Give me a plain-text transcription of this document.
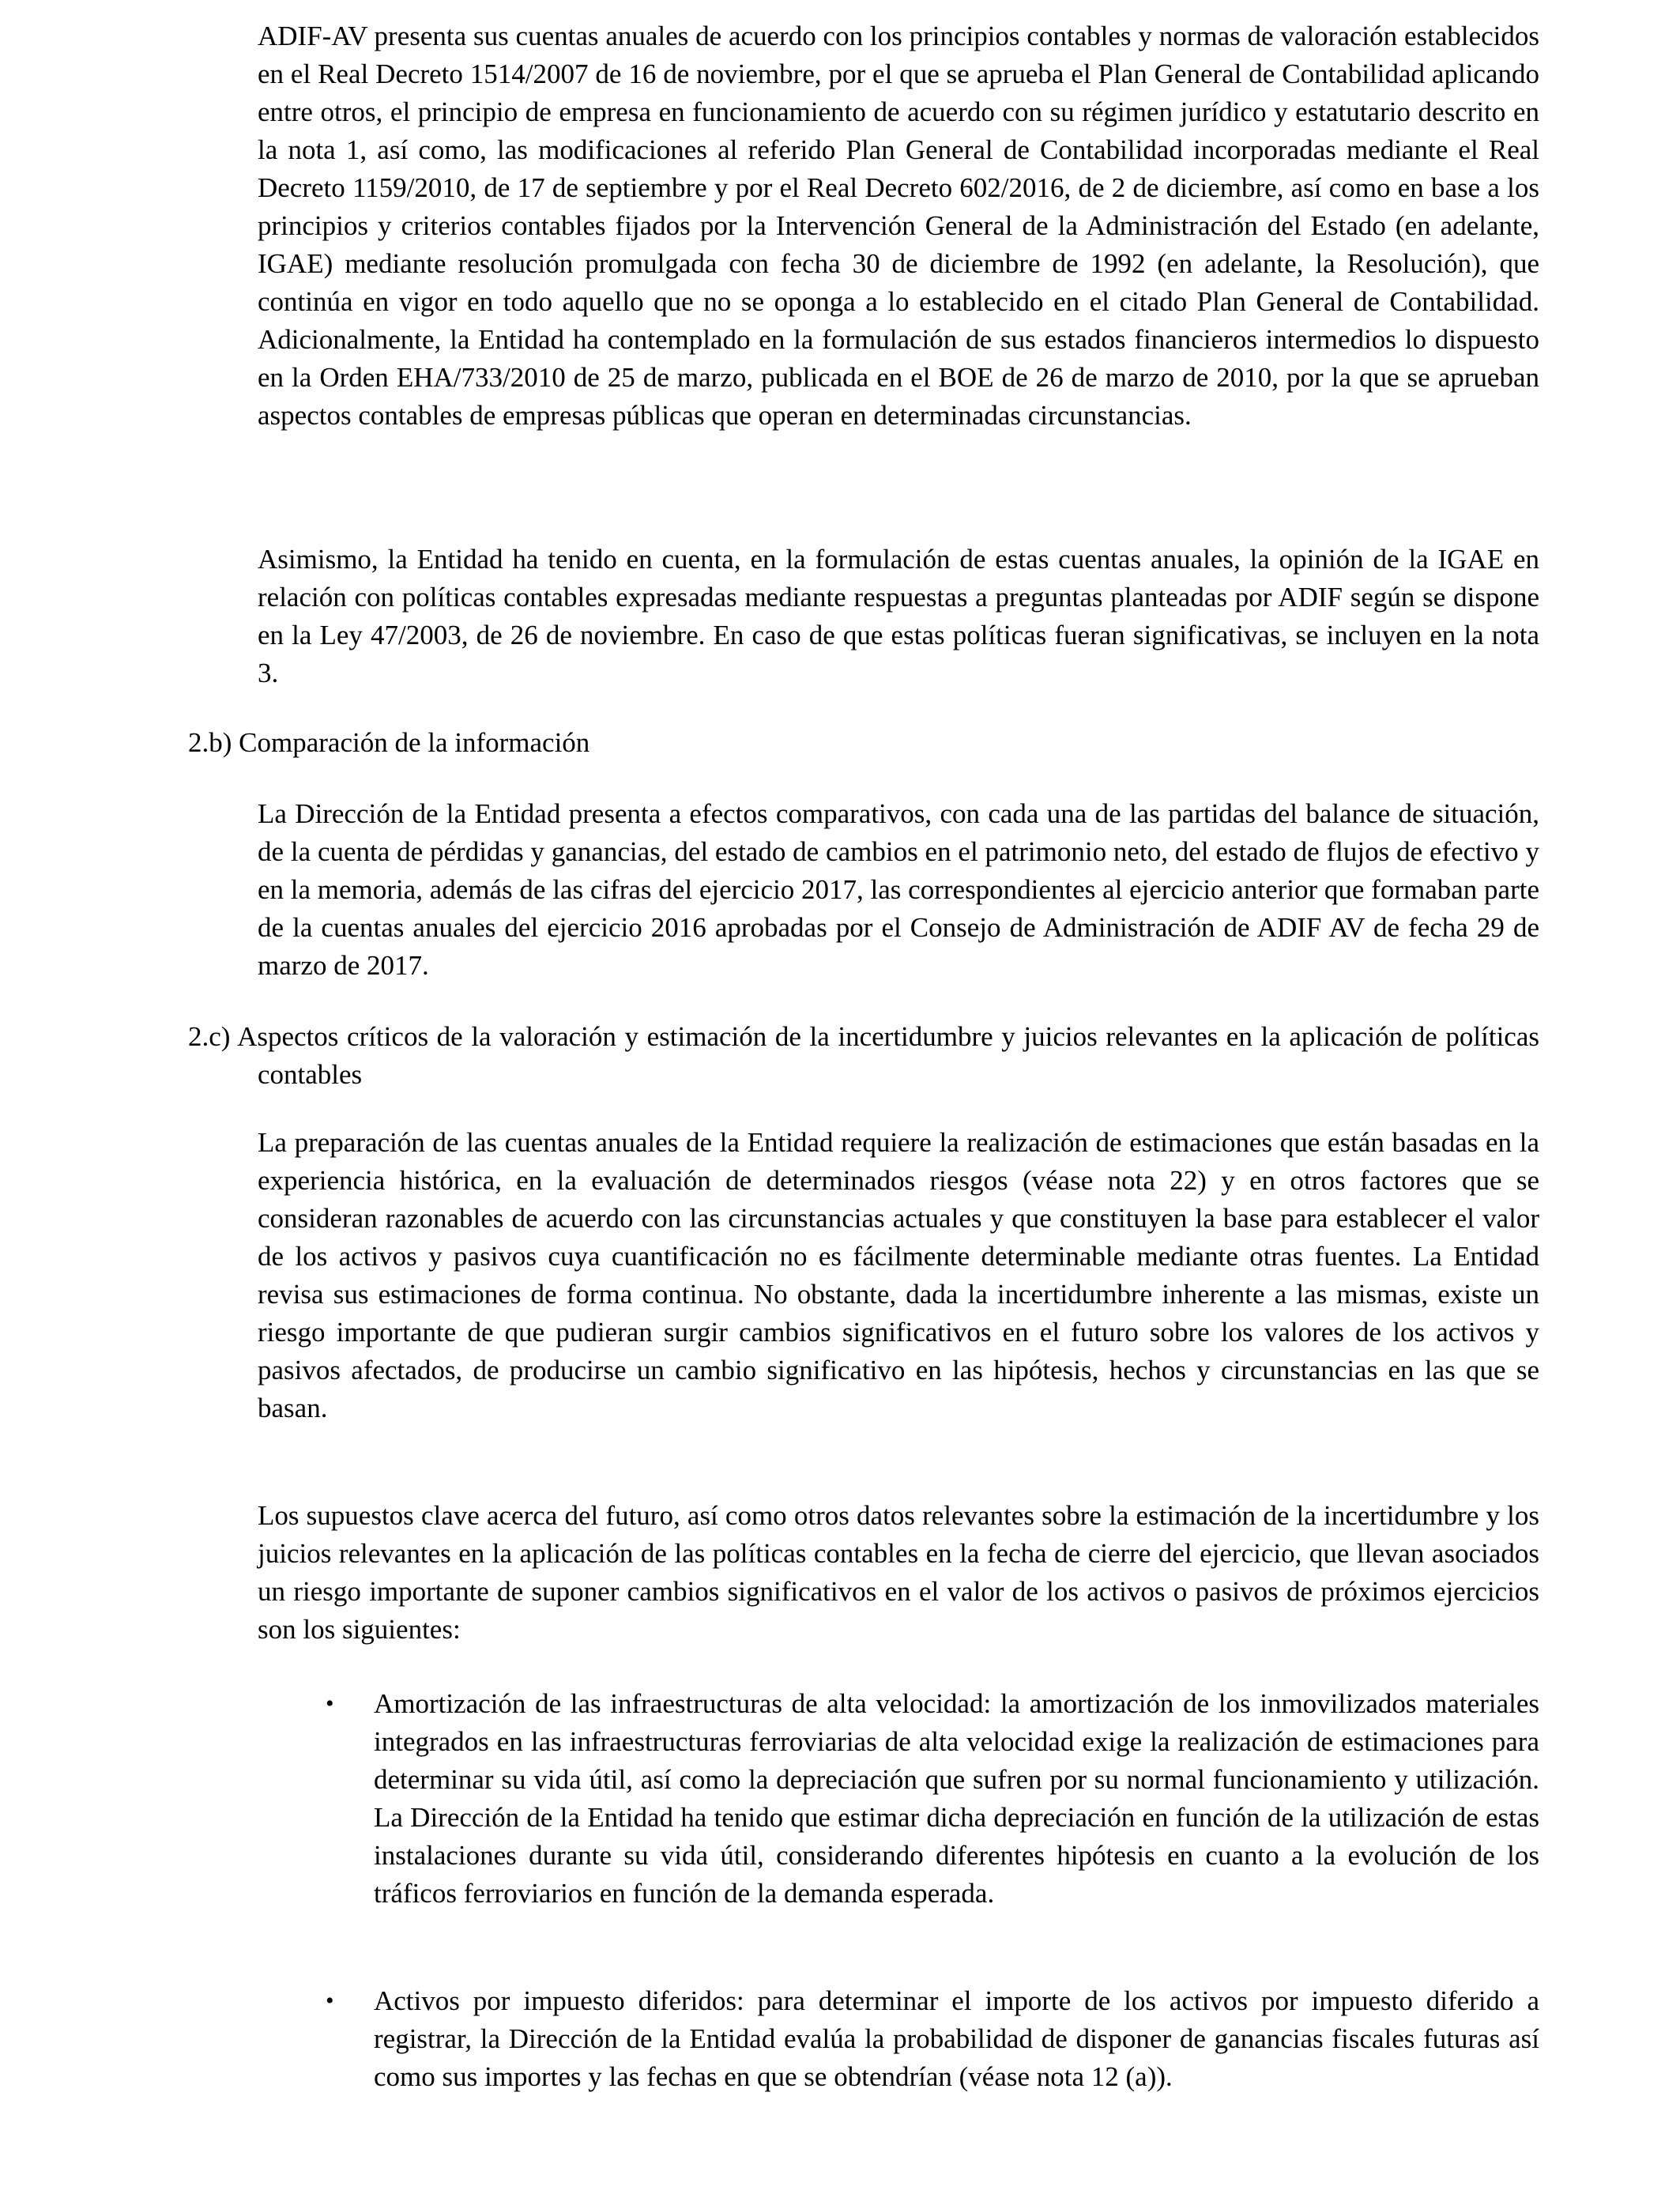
ADIF-AV presenta sus cuentas anuales de acuerdo con los principios contables y normas de valoración establecidos en el Real Decreto 1514/2007 de 16 de noviembre, por el que se aprueba el Plan General de Contabilidad aplicando entre otros, el principio de empresa en funcionamiento de acuerdo con su régimen jurídico y estatutario descrito en la nota 1, así como, las modificaciones al referido Plan General de Contabilidad incorporadas mediante el Real Decreto 1159/2010, de 17 de septiembre y por el Real Decreto 602/2016, de 2 de diciembre, así como en base a los principios y criterios contables fijados por la Intervención General de la Administración del Estado (en adelante, IGAE) mediante resolución promulgada con fecha 30 de diciembre de 1992 (en adelante, la Resolución), que continúa en vigor en todo aquello que no se oponga a lo establecido en el citado Plan General de Contabilidad. Adicionalmente, la Entidad ha contemplado en la formulación de sus estados financieros intermedios lo dispuesto en la Orden EHA/733/2010 de 25 de marzo, publicada en el BOE de 26 de marzo de 2010, por la que se aprueban aspectos contables de empresas públicas que operan en determinadas circunstancias.

Asimismo, la Entidad ha tenido en cuenta, en la formulación de estas cuentas anuales, la opinión de la IGAE en relación con políticas contables expresadas mediante respuestas a preguntas planteadas por ADIF según se dispone en la Ley 47/2003, de 26 de noviembre. En caso de que estas políticas fueran significativas, se incluyen en la nota 3.

2.b) Comparación de la información

La Dirección de la Entidad presenta a efectos comparativos, con cada una de las partidas del balance de situación, de la cuenta de pérdidas y ganancias, del estado de cambios en el patrimonio neto, del estado de flujos de efectivo y en la memoria, además de las cifras del ejercicio 2017, las correspondientes al ejercicio anterior que formaban parte de la cuentas anuales del ejercicio 2016 aprobadas por el Consejo de Administración de ADIF AV de fecha 29 de marzo de 2017.

2.c) Aspectos críticos de la valoración y estimación de la incertidumbre y juicios relevantes en la aplicación de políticas contables

La preparación de las cuentas anuales de la Entidad requiere la realización de estimaciones que están basadas en la experiencia histórica, en la evaluación de determinados riesgos (véase nota 22) y en otros factores que se consideran razonables de acuerdo con las circunstancias actuales y que constituyen la base para establecer el valor de los activos y pasivos cuya cuantificación no es fácilmente determinable mediante otras fuentes. La Entidad revisa sus estimaciones de forma continua. No obstante, dada la incertidumbre inherente a las mismas, existe un riesgo importante de que pudieran surgir cambios significativos en el futuro sobre los valores de los activos y pasivos afectados, de producirse un cambio significativo en las hipótesis, hechos y circunstancias en las que se basan.

Los supuestos clave acerca del futuro, así como otros datos relevantes sobre la estimación de la incertidumbre y los juicios relevantes en la aplicación de las políticas contables en la fecha de cierre del ejercicio, que llevan asociados un riesgo importante de suponer cambios significativos en el valor de los activos o pasivos de próximos ejercicios son los siguientes:

• Amortización de las infraestructuras de alta velocidad: la amortización de los inmovilizados materiales integrados en las infraestructuras ferroviarias de alta velocidad exige la realización de estimaciones para determinar su vida útil, así como la depreciación que sufren por su normal funcionamiento y utilización. La Dirección de la Entidad ha tenido que estimar dicha depreciación en función de la utilización de estas instalaciones durante su vida útil, considerando diferentes hipótesis en cuanto a la evolución de los tráficos ferroviarios en función de la demanda esperada.

• Activos por impuesto diferidos: para determinar el importe de los activos por impuesto diferido a registrar, la Dirección de la Entidad evalúa la probabilidad de disponer de ganancias fiscales futuras así como sus importes y las fechas en que se obtendrían (véase nota 12 (a)).
